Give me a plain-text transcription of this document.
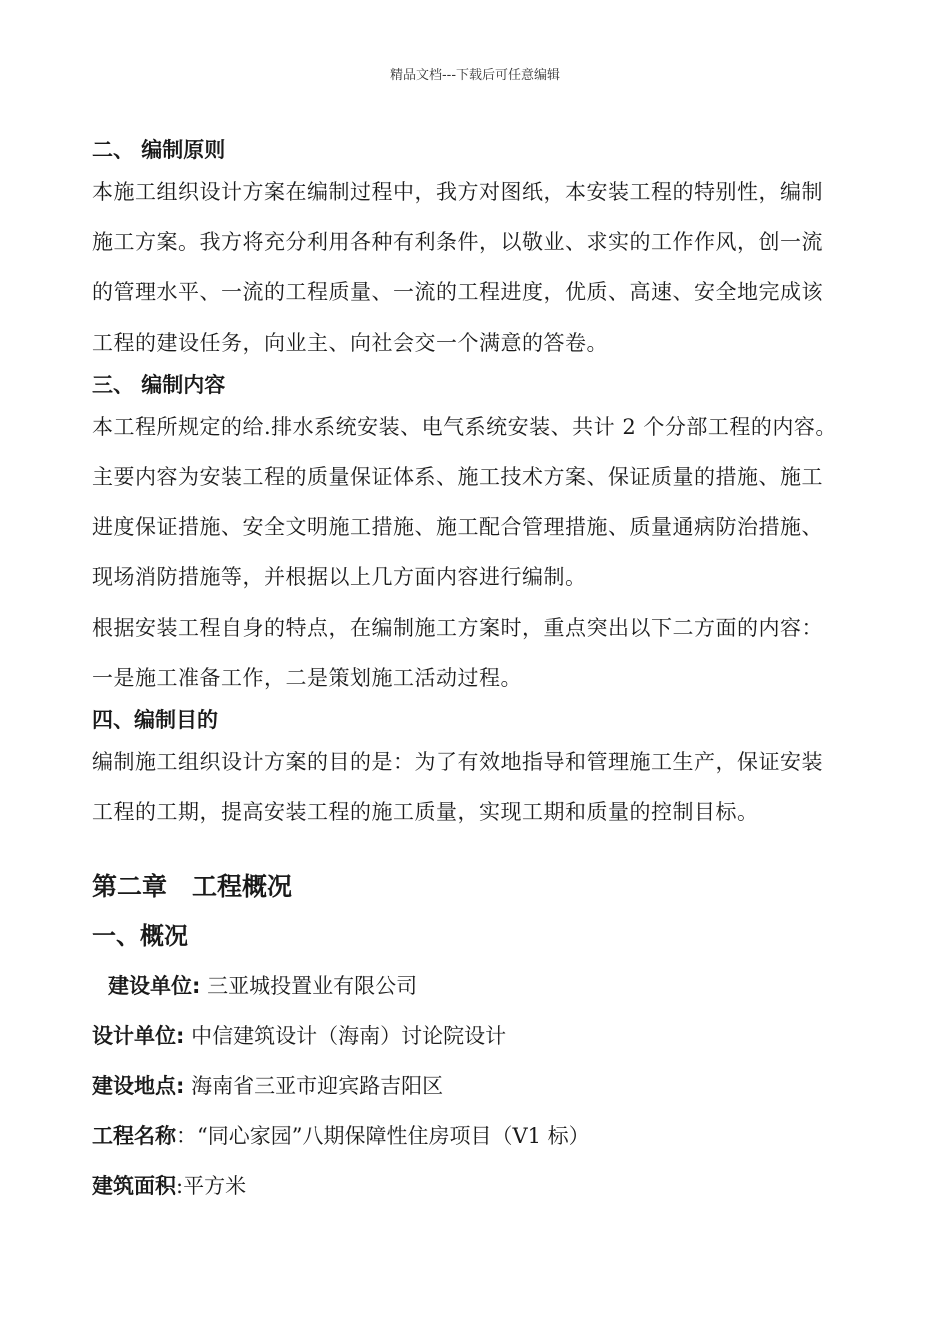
精品文档---下载后可任意编辑
二、 编制原则
本施工组织设计方案在编制过程中，我方对图纸，本安装工程的特别性，编制
施工方案。我方将充分利用各种有利条件，以敬业、求实的工作作风，创一流
的管理水平、一流的工程质量、一流的工程进度，优质、高速、安全地完成该
工程的建设任务，向业主、向社会交一个满意的答卷。
三、 编制内容
本工程所规定的给.排水系统安装、电气系统安装、共计 2 个分部工程的内容。
主要内容为安装工程的质量保证体系、施工技术方案、保证质量的措施、施工
进度保证措施、安全文明施工措施、施工配合管理措施、质量通病防治措施、
现场消防措施等，并根据以上几方面内容进行编制。
根据安装工程自身的特点，在编制施工方案时，重点突出以下二方面的内容：
一是施工准备工作，二是策划施工活动过程。
四、编制目的
编制施工组织设计方案的目的是：为了有效地指导和管理施工生产，保证安装
工程的工期，提高安装工程的施工质量，实现工期和质量的控制目标。
第二章　工程概况
一、概况
建设单位: 三亚城投置业有限公司
设计单位: 中信建筑设计（海南）讨论院设计
建设地点: 海南省三亚市迎宾路吉阳区
工程名称：“同心家园”八期保障性住房项目（V1 标）
建筑面积:平方米
